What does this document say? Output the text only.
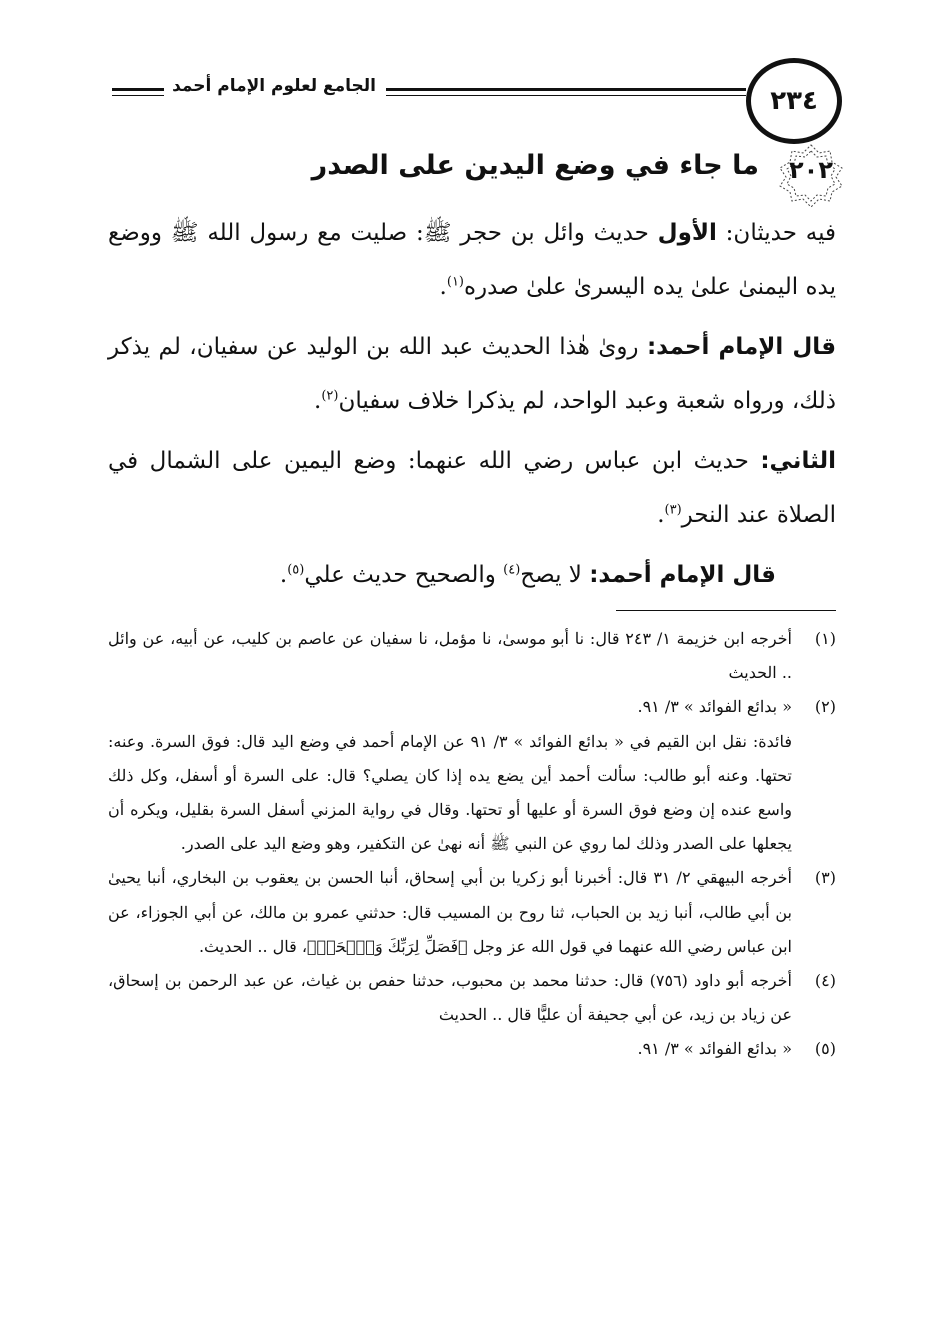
٢٣٤
الجامع لعلوم الإمام أحمد
٢٠٢
ما جاء في وضع اليدين على الصدر

فيه حديثان: الأول حديث وائل بن حجر ﷺ: صليت مع رسول الله ﷺ ووضع يده اليمنىٰ علىٰ يده اليسرىٰ علىٰ صدره$^{(١)}$.

قال الإمام أحمد: روىٰ هٰذا الحديث عبد الله بن الوليد عن سفيان، لم يذكر ذلك، ورواه شعبة وعبد الواحد، لم يذكرا خلاف سفيان$^{(٢)}$.

الثاني: حديث ابن عباس رضي الله عنهما: وضع اليمين على الشمال في الصلاة عند النحر$^{(٣)}$.

قال الإمام أحمد: لا يصح$^{(٤)}$ والصحيح حديث علي$^{(٥)}$.

(١)
أخرجه ابن خزيمة ١/ ٢٤٣ قال: نا أبو موسىٰ، نا مؤمل، نا سفيان عن عاصم بن كليب، عن أبيه، عن وائل .. الحديث
(٢)
« بدائع الفوائد » ٣/ ٩١.
فائدة: نقل ابن القيم في « بدائع الفوائد » ٣/ ٩١ عن الإمام أحمد في وضع اليد قال: فوق السرة. وعنه: تحتها. وعنه أبو طالب: سألت أحمد أين يضع يده إذا كان يصلي؟ قال: على السرة أو أسفل، وكل ذلك واسع عنده إن وضع فوق السرة أو عليها أو تحتها. وقال في رواية المزني أسفل السرة بقليل، ويكره أن يجعلها على الصدر وذلك لما روي عن النبي ﷺ أنه نهىٰ عن التكفير، وهو وضع اليد على الصدر.
(٣)
أخرجه البيهقي ٢/ ٣١ قال: أخبرنا أبو زكريا بن أبي إسحاق، أنبا الحسن بن يعقوب بن البخاري، أنبا يحيىٰ بن أبي طالب، أنبا زيد بن الحباب، ثنا روح بن المسيب قال: حدثني عمرو بن مالك، عن أبي الجوزاء، عن ابن عباس رضي الله عنهما في قول الله عز وجل ﴿فَصَلِّ لِرَبِّكَ وَٱنۡحَرۡ﴾، قال .. الحديث.
(٤)
أخرجه أبو داود (٧٥٦) قال: حدثنا محمد بن محبوب، حدثنا حفص بن غياث، عن عبد الرحمن بن إسحاق، عن زياد بن زيد، عن أبي جحيفة أن عليًّا قال .. الحديث
(٥)
« بدائع الفوائد » ٣/ ٩١.
